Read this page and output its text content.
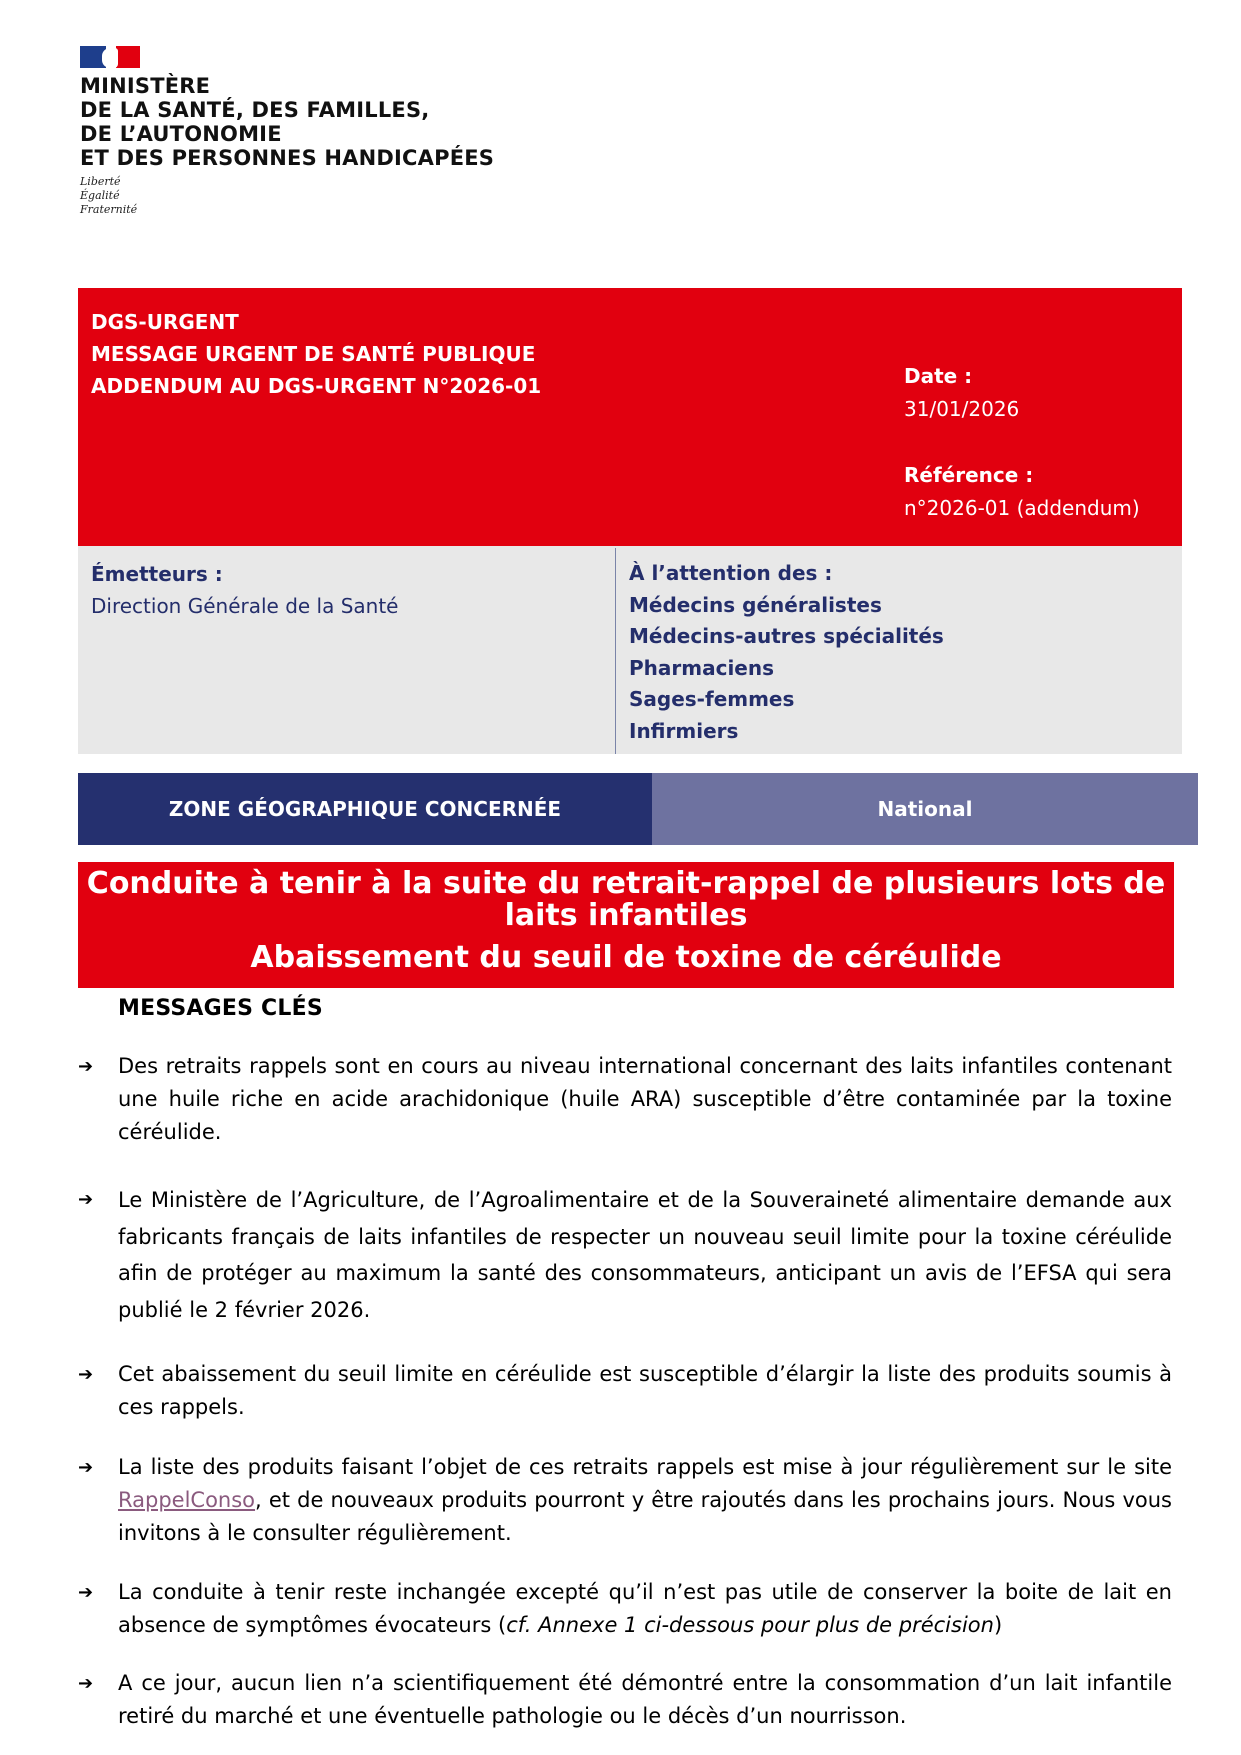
MINISTÈRE
DE LA SANTÉ, DES FAMILLES,
DE L’AUTONOMIE
ET DES PERSONNES HANDICAPÉES
Liberté
Égalité
Fraternité
DGS-URGENT
MESSAGE URGENT DE SANTÉ PUBLIQUE
ADDENDUM AU DGS-URGENT N°2026-01	Date :
31/01/2026
Référence :
n°2026-01 (addendum)
Émetteurs :
Direction Générale de la Santé
À l’attention des :
Médecins généralistes
Médecins-autres spécialités
Pharmaciens
Sages-femmes
Infirmiers
ZONE GÉOGRAPHIQUE CONCERNÉE	National
Conduite à tenir à la suite du retrait-rappel de plusieurs lots de laits infantiles
Abaissement du seuil de toxine de céréulide
MESSAGES CLÉS
➔ Des retraits rappels sont en cours au niveau international concernant des laits infantiles contenant une huile riche en acide arachidonique (huile ARA) susceptible d’être contaminée par la toxine céréulide.
➔ Le Ministère de l’Agriculture, de l’Agroalimentaire et de la Souveraineté alimentaire demande aux fabricants français de laits infantiles de respecter un nouveau seuil limite pour la toxine céréulide afin de protéger au maximum la santé des consommateurs, anticipant un avis de l’EFSA qui sera publié le 2 février 2026.
➔ Cet abaissement du seuil limite en céréulide est susceptible d’élargir la liste des produits soumis à ces rappels.
➔ La liste des produits faisant l’objet de ces retraits rappels est mise à jour régulièrement sur le site RappelConso, et de nouveaux produits pourront y être rajoutés dans les prochains jours. Nous vous invitons à le consulter régulièrement.
➔ La conduite à tenir reste inchangée excepté qu’il n’est pas utile de conserver la boite de lait en absence de symptômes évocateurs (cf. Annexe 1 ci-dessous pour plus de précision)
➔ A ce jour, aucun lien n’a scientifiquement été démontré entre la consommation d’un lait infantile retiré du marché et une éventuelle pathologie ou le décès d’un nourrisson.
